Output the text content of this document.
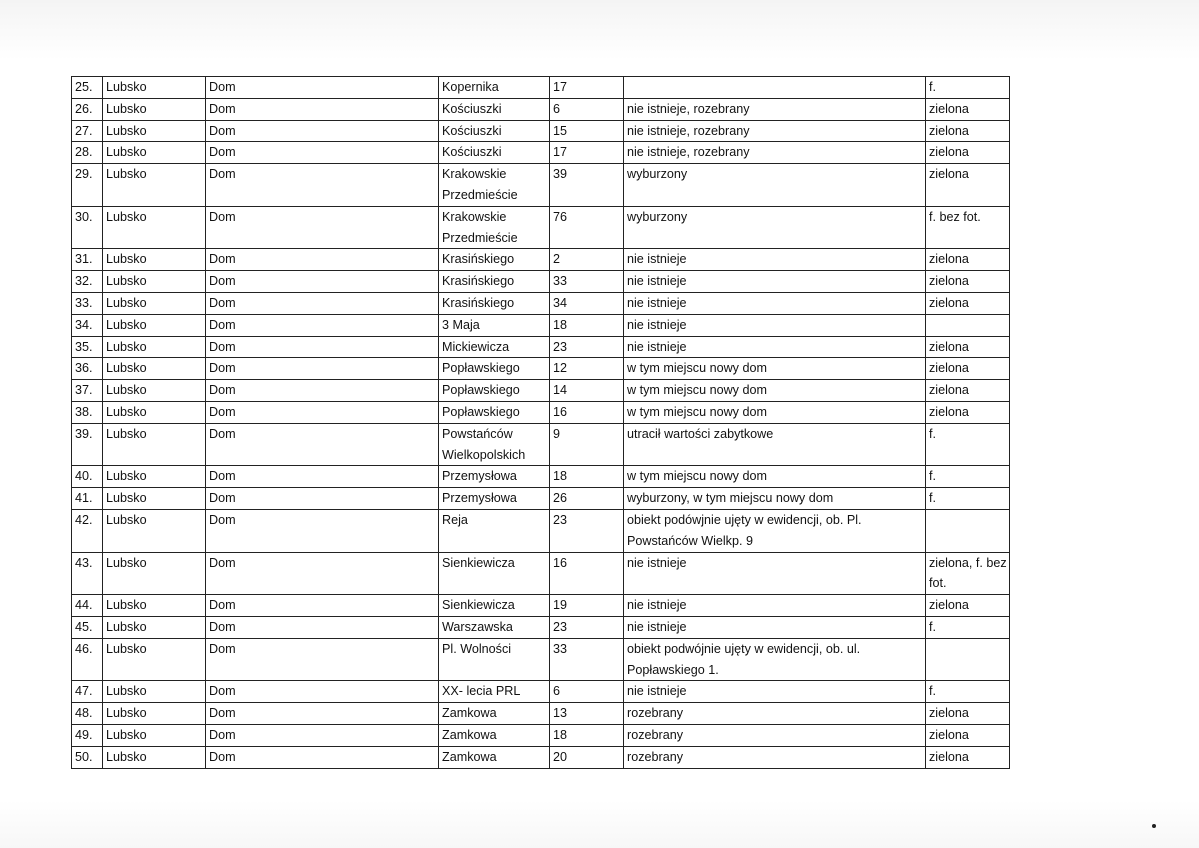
25.	Lubsko	Dom	Kopernika	17		f.
26.	Lubsko	Dom	Kościuszki	6	nie istnieje, rozebrany	zielona
27.	Lubsko	Dom	Kościuszki	15	nie istnieje, rozebrany	zielona
28.	Lubsko	Dom	Kościuszki	17	nie istnieje, rozebrany	zielona
29.	Lubsko	Dom	Krakowskie Przedmieście	39	wyburzony	zielona
30.	Lubsko	Dom	Krakowskie Przedmieście	76	wyburzony	f. bez fot.
31.	Lubsko	Dom	Krasińskiego	2	nie istnieje	zielona
32.	Lubsko	Dom	Krasińskiego	33	nie istnieje	zielona
33.	Lubsko	Dom	Krasińskiego	34	nie istnieje	zielona
34.	Lubsko	Dom	3 Maja	18	nie istnieje	
35.	Lubsko	Dom	Mickiewicza	23	nie istnieje	zielona
36.	Lubsko	Dom	Popławskiego	12	w tym miejscu nowy dom	zielona
37.	Lubsko	Dom	Popławskiego	14	w tym miejscu nowy dom	zielona
38.	Lubsko	Dom	Popławskiego	16	w tym miejscu nowy dom	zielona
39.	Lubsko	Dom	Powstańców Wielkopolskich	9	utracił wartości zabytkowe	f.
40.	Lubsko	Dom	Przemysłowa	18	w tym miejscu nowy dom	f.
41.	Lubsko	Dom	Przemysłowa	26	wyburzony, w tym miejscu nowy dom	f.
42.	Lubsko	Dom	Reja	23	obiekt podówjnie ujęty w ewidencji, ob. Pl. Powstańców Wielkp. 9	
43.	Lubsko	Dom	Sienkiewicza	16	nie istnieje	zielona, f. bez fot.
44.	Lubsko	Dom	Sienkiewicza	19	nie istnieje	zielona
45.	Lubsko	Dom	Warszawska	23	nie istnieje	f.
46.	Lubsko	Dom	Pl. Wolności	33	obiekt podwójnie ujęty w ewidencji, ob. ul. Popławskiego 1.	
47.	Lubsko	Dom	XX- lecia PRL	6	nie istnieje	f.
48.	Lubsko	Dom	Zamkowa	13	rozebrany	zielona
49.	Lubsko	Dom	Zamkowa	18	rozebrany	zielona
50.	Lubsko	Dom	Zamkowa	20	rozebrany	zielona
